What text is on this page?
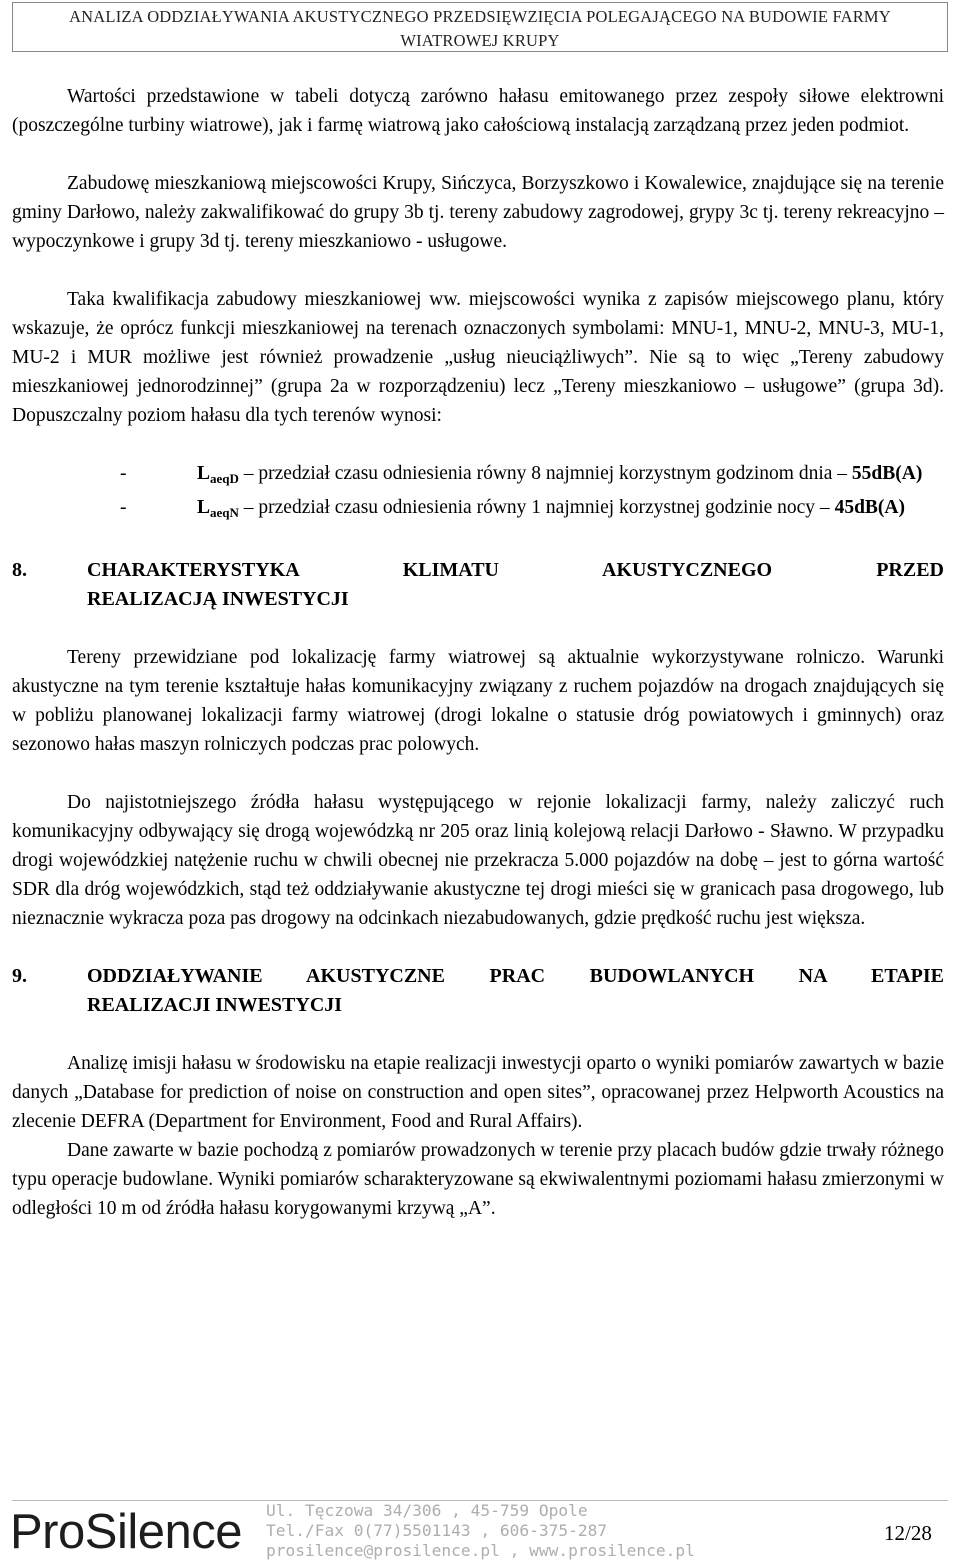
ANALIZA ODDZIAŁYWANIA AKUSTYCZNEGO PRZEDSIĘWZIĘCIA POLEGAJĄCEGO NA BUDOWIE FARMY
WIATROWEJ KRUPY

Wartości przedstawione w tabeli dotyczą zarówno hałasu emitowanego przez zespoły siłowe elektrowni (poszczególne turbiny wiatrowe), jak i farmę wiatrową jako całościową instalacją zarządzaną przez jeden podmiot.

Zabudowę mieszkaniową miejscowości Krupy, Sińczyca, Borzyszkowo i Kowalewice, znajdujące się na terenie gminy Darłowo, należy zakwalifikować do grupy 3b tj. tereny zabudowy zagrodowej, grypy 3c tj. tereny rekreacyjno – wypoczynkowe i grupy 3d tj. tereny mieszkaniowo - usługowe.

Taka kwalifikacja zabudowy mieszkaniowej ww. miejscowości wynika z zapisów miejscowego planu, który wskazuje, że oprócz funkcji mieszkaniowej na terenach oznaczonych symbolami: MNU-1, MNU-2, MNU-3, MU-1, MU-2 i MUR możliwe jest również prowadzenie „usług nieuciążliwych”. Nie są to więc „Tereny zabudowy mieszkaniowej jednorodzinnej” (grupa 2a w rozporządzeniu) lecz „Tereny mieszkaniowo – usługowe” (grupa 3d). Dopuszczalny poziom hałasu dla tych terenów wynosi:

-	$L_{aeqD}$ – przedział czasu odniesienia równy 8 najmniej korzystnym godzinom dnia – 55dB(A)
-	$L_{aeqN}$ – przedział czasu odniesienia równy 1 najmniej korzystnej godzinie nocy – 45dB(A)
8.	CHARAKTERYSTYKA KLIMATU AKUSTYCZNEGO PRZED
REALIZACJĄ INWESTYCJI

Tereny przewidziane pod lokalizację farmy wiatrowej są aktualnie wykorzystywane rolniczo. Warunki akustyczne na tym terenie kształtuje hałas komunikacyjny związany z ruchem pojazdów na drogach znajdujących się w pobliżu planowanej lokalizacji farmy wiatrowej (drogi lokalne o statusie dróg powiatowych i gminnych) oraz sezonowo hałas maszyn rolniczych podczas prac polowych.

Do najistotniejszego źródła hałasu występującego w rejonie lokalizacji farmy, należy zaliczyć ruch komunikacyjny odbywający się drogą wojewódzką nr 205 oraz linią kolejową relacji Darłowo - Sławno. W przypadku drogi wojewódzkiej natężenie ruchu w chwili obecnej nie przekracza 5.000 pojazdów na dobę – jest to górna wartość SDR dla dróg wojewódzkich, stąd też oddziaływanie akustyczne tej drogi mieści się w granicach pasa drogowego, lub nieznacznie wykracza poza pas drogowy na odcinkach niezabudowanych, gdzie prędkość ruchu jest większa.

9.	ODDZIAŁYWANIE AKUSTYCZNE PRAC BUDOWLANYCH NA ETAPIE
REALIZACJI INWESTYCJI

Analizę imisji hałasu w środowisku na etapie realizacji inwestycji oparto o wyniki pomiarów zawartych w bazie danych „Database for prediction of noise on construction and open sites”, opracowanej przez Helpworth Acoustics na zlecenie DEFRA (Department for Environment, Food and Rural Affairs).

Dane zawarte w bazie pochodzą z pomiarów prowadzonych w terenie przy placach budów gdzie trwały różnego typu operacje budowlane. Wyniki pomiarów scharakteryzowane są ekwiwalentnymi poziomami hałasu zmierzonymi w odległości 10 m od źródła hałasu korygowanymi krzywą „A”.

ProSilence Ul. Tęczowa 34/306 , 45-759 Opole
Tel./Fax 0(77)5501143 , 606-375-287
prosilence@prosilence.pl , www.prosilence.pl
12/28
